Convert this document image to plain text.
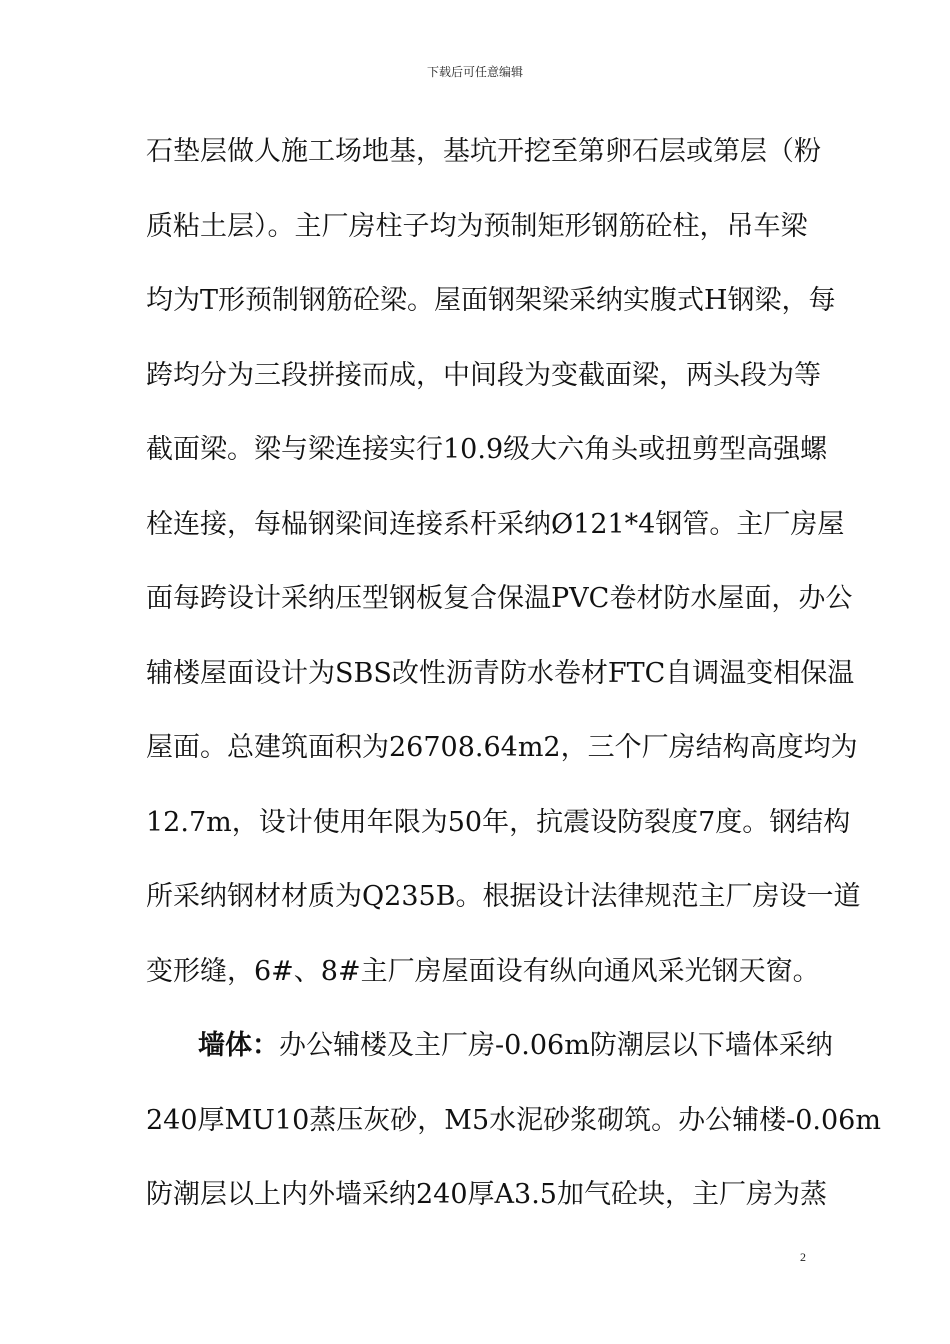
下载后可任意编辑
石垫层做人施工场地基，基坑开挖至第卵石层或第层（粉
质粘土层）。主厂房柱子均为预制矩形钢筋砼柱，吊车梁
均为T形预制钢筋砼梁。屋面钢架梁采纳实腹式H钢梁，每
跨均分为三段拼接而成，中间段为变截面梁，两头段为等
截面梁。梁与梁连接实行10.9级大六角头或扭剪型高强螺
栓连接，每榀钢梁间连接系杆采纳Ø121*4钢管。主厂房屋
面每跨设计采纳压型钢板复合保温PVC卷材防水屋面，办公
辅楼屋面设计为SBS改性沥青防水卷材FTC自调温变相保温
屋面。总建筑面积为26708.64m2，三个厂房结构高度均为
12.7m，设计使用年限为50年，抗震设防裂度7度。钢结构
所采纳钢材材质为Q235B。根据设计法律规范主厂房设一道
变形缝，6#、8#主厂房屋面设有纵向通风采光钢天窗。
墙体：办公辅楼及主厂房-0.06m防潮层以下墙体采纳
240厚MU10蒸压灰砂，M5水泥砂浆砌筑。办公辅楼-0.06m
防潮层以上内外墙采纳240厚A3.5加气砼块，主厂房为蒸
2
